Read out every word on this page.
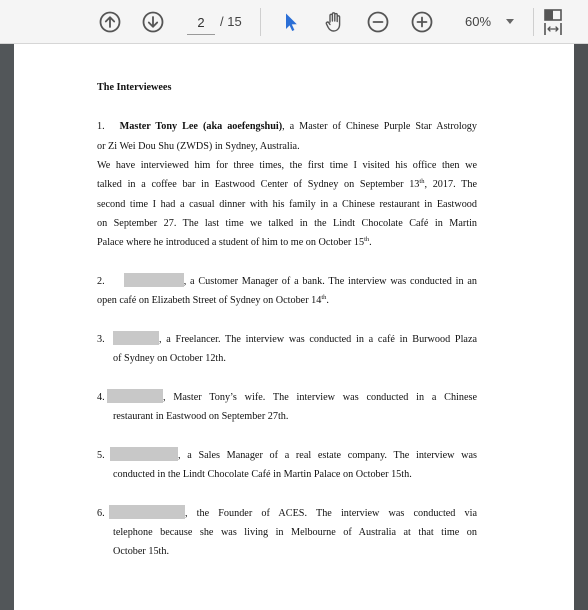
2
/ 15	60%
The Interviewees
1. Master Tony Lee (aka aoefengshui), a Master of Chinese Purple Star Astrology
or Zi Wei Dou Shu (ZWDS) in Sydney, Australia.
We have interviewed him for three times, the first time I visited his office then we
talked in a coffee bar in Eastwood Center of Sydney on September 13th, 2017. The
second time I had a casual dinner with his family in a Chinese restaurant in Eastwood
on September 27. The last time we talked in the Lindt Chocolate Café in Martin
Palace where he introduced a student of him to me on October 15th.
2.	, a Customer Manager of a bank. The interview was conducted in an
open café on Elizabeth Street of Sydney on October 14th.
3.	, a Freelancer. The interview was conducted in a café in Burwood Plaza
of Sydney on October 12th.
4.	, Master Tony’s wife. The interview was conducted in a Chinese
restaurant in Eastwood on September 27th.
5.	, a Sales Manager of a real estate company. The interview was
conducted in the Lindt Chocolate Café in Martin Palace on October 15th.
6.	, the Founder of ACES. The interview was conducted via
telephone because she was living in Melbourne of Australia at that time on
October 15th.
